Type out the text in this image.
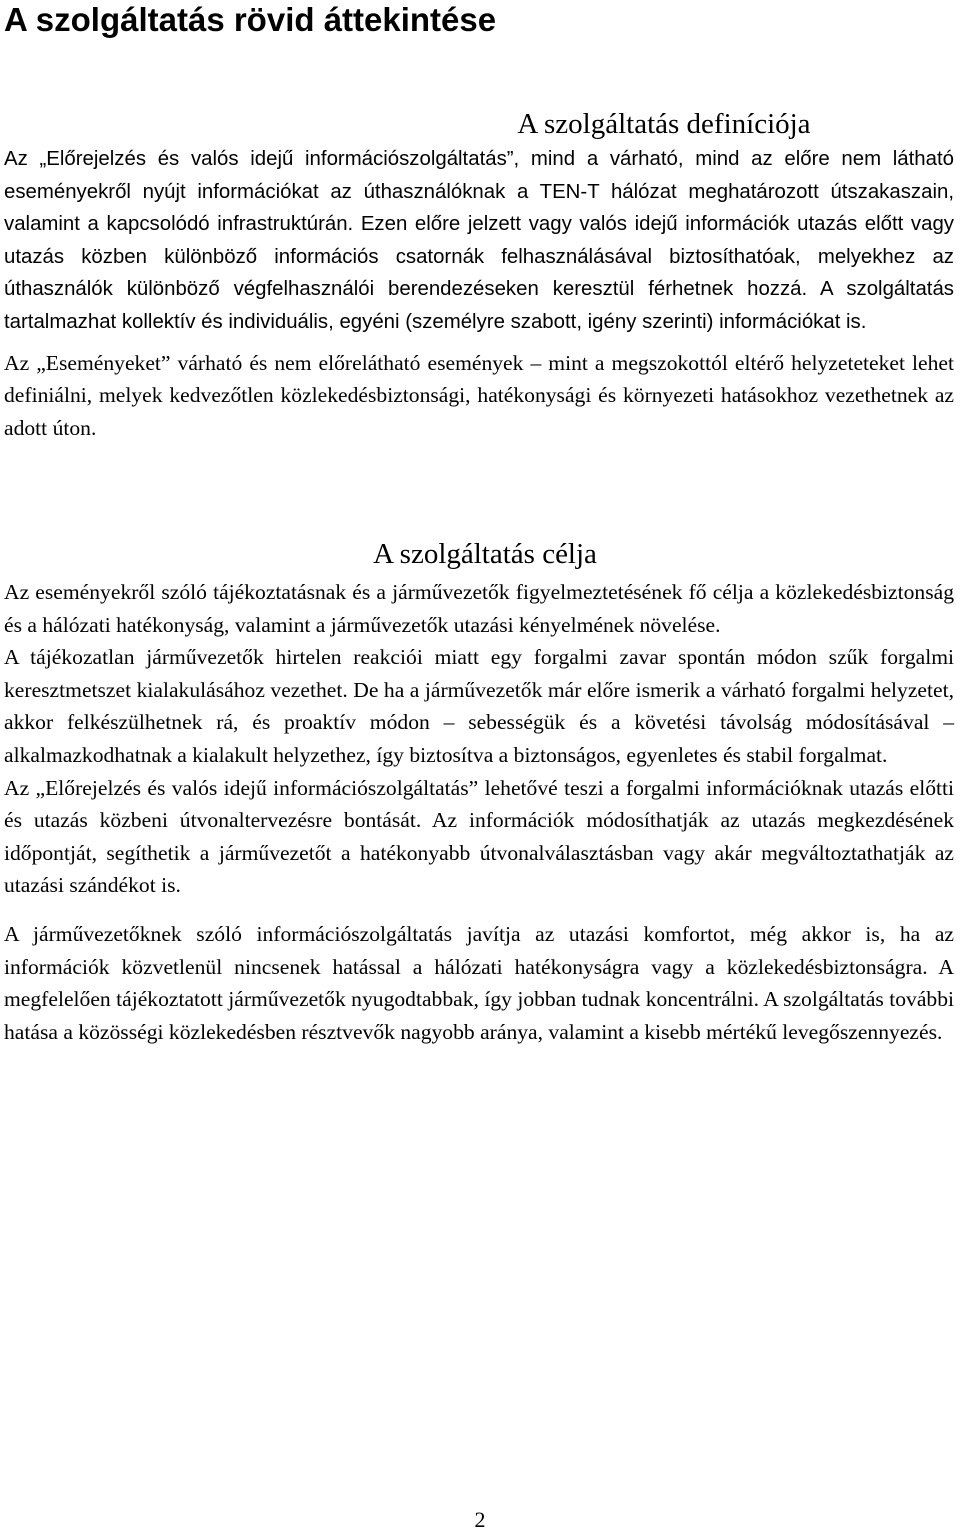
A szolgáltatás rövid áttekintése
A szolgáltatás definíciója

Az „Előrejelzés és valós idejű információszolgáltatás”, mind a várható, mind az előre nem látható eseményekről nyújt információkat az úthasználóknak a TEN-T hálózat meghatározott útszakaszain, valamint a kapcsolódó infrastruktúrán. Ezen előre jelzett vagy valós idejű információk utazás előtt vagy utazás közben különböző információs csatornák felhasználásával biztosíthatóak, melyekhez az úthasználók különböző végfelhasználói berendezéseken keresztül férhetnek hozzá. A szolgáltatás tartalmazhat kollektív és individuális, egyéni (személyre szabott, igény szerinti) információkat is.

Az „Eseményeket” várható és nem előrelátható események – mint a megszokottól eltérő helyzeteteket lehet definiálni, melyek kedvezőtlen közlekedésbiztonsági, hatékonysági és környezeti hatásokhoz vezethetnek az adott úton.

A szolgáltatás célja

Az eseményekről szóló tájékoztatásnak és a járművezetők figyelmeztetésének fő célja a közlekedésbiztonság és a hálózati hatékonyság, valamint a járművezetők utazási kényelmének növelése.

A tájékozatlan járművezetők hirtelen reakciói miatt egy forgalmi zavar spontán módon szűk forgalmi keresztmetszet kialakulásához vezethet. De ha a járművezetők már előre ismerik a várható forgalmi helyzetet, akkor felkészülhetnek rá, és proaktív módon – sebességük és a követési távolság módosításával – alkalmazkodhatnak a kialakult helyzethez, így biztosítva a biztonságos, egyenletes és stabil forgalmat.

Az „Előrejelzés és valós idejű információszolgáltatás” lehetővé teszi a forgalmi információknak utazás előtti és utazás közbeni útvonaltervezésre bontását. Az információk módosíthatják az utazás megkezdésének időpontját, segíthetik a járművezetőt a hatékonyabb útvonalválasztásban vagy akár megváltoztathatják az utazási szándékot is.

A járművezetőknek szóló információszolgáltatás javítja az utazási komfortot, még akkor is, ha az információk közvetlenül nincsenek hatással a hálózati hatékonyságra vagy a közlekedésbiztonságra. A megfelelően tájékoztatott járművezetők nyugodtabbak, így jobban tudnak koncentrálni. A szolgáltatás további hatása a közösségi közlekedésben résztvevők nagyobb aránya, valamint a kisebb mértékű levegőszennyezés.

2
